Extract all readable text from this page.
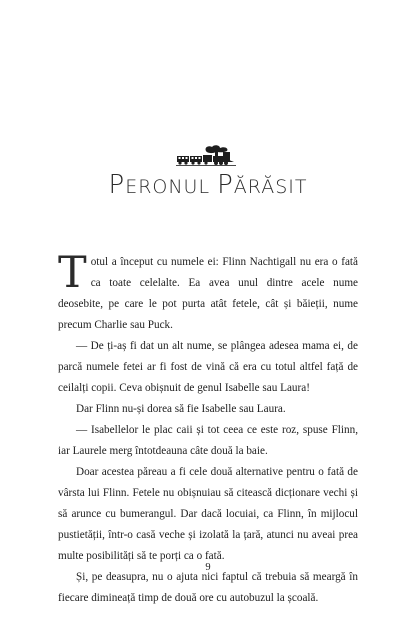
PERONUL PĂRĂSIT

Totul a început cu numele ei: Flinn Nachtigall nu era o fată ca toate celelalte. Ea avea unul dintre acele nume deosebite, pe care le pot purta atât fetele, cât și băieții, nume precum Charlie sau Puck.

— De ți-aș fi dat un alt nume, se plângea adesea mama ei, de parcă numele fetei ar fi fost de vină că era cu totul altfel față de ceilalți copii. Ceva obișnuit de genul Isabelle sau Laura!

Dar Flinn nu-și dorea să fie Isabelle sau Laura.

— Isabellelor le plac caii și tot ceea ce este roz, spuse Flinn, iar Laurele merg întotdeauna câte două la baie.

Doar acestea păreau a fi cele două alternative pentru o fată de vârsta lui Flinn. Fetele nu obișnuiau să citească dicționare vechi și să arunce cu bumerangul. Dar dacă locuiai, ca Flinn, în mijlocul pustietății, într-o casă veche și izolată la țară, atunci nu aveai prea multe posibilități să te porți ca o fată.

Și, pe deasupra, nu o ajuta nici faptul că trebuia să meargă în fiecare dimineață timp de două ore cu autobuzul la școală.

9
